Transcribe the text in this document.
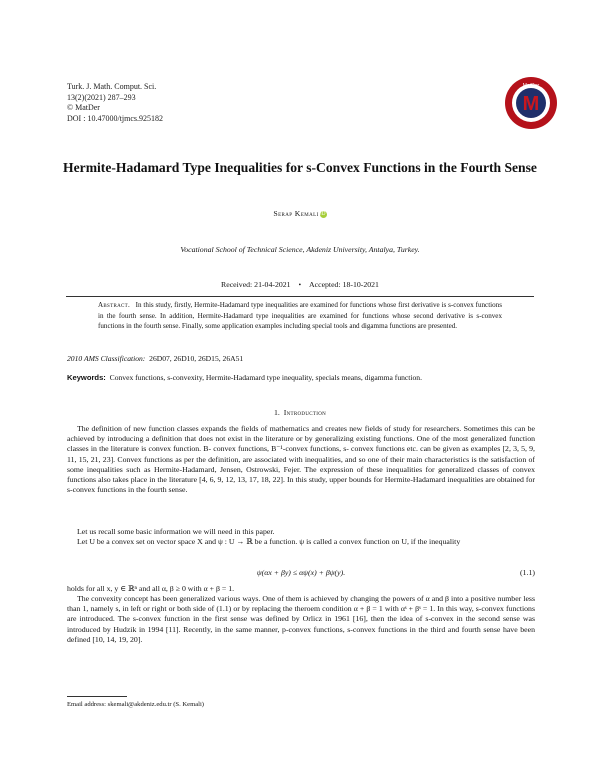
Turk. J. Math. Comput. Sci.
13(2)(2021) 287–293
© MatDer
DOI : 10.47000/tjmcs.925182
M
MatDer
Hermite-Hadamard Type Inequalities for s-Convex Functions in the Fourth Sense
Serap Kemali iD
Vocational School of Technical Science, Akdeniz University, Antalya, Turkey.
Received: 21-04-2021 • Accepted: 18-10-2021
Abstract. In this study, firstly, Hermite-Hadamard type inequalities are examined for functions whose first derivative is s-convex functions in the fourth sense. In addition, Hermite-Hadamard type inequalities are examined for functions whose second derivative is s-convex functions in the fourth sense. Finally, some application examples including special tools and digamma functions are presented.
2010 AMS Classification: 26D07, 26D10, 26D15, 26A51
Keywords: Convex functions, s-convexity, Hermite-Hadamard type inequality, specials means, digamma function.
1. Introduction
The definition of new function classes expands the fields of mathematics and creates new fields of study for researchers. Sometimes this can be achieved by introducing a definition that does not exist in the literature or by generalizing existing functions. One of the most generalized function classes in the literature is convex function. B- convex functions, B⁻¹-convex functions, s- convex functions etc. can be given as examples [2, 3, 5, 9, 11, 15, 21, 23]. Convex functions as per the definition, are associated with inequalities, and so one of their main characteristics is the satisfaction of some inequalities such as Hermite-Hadamard, Jensen, Ostrowski, Fejer. The expression of these inequalities for generalized classes of convex functions also takes place in the literature [4, 6, 9, 12, 13, 17, 18, 22]. In this study, upper bounds for Hermite-Hadamard inequalities are obtained for s-convex functions in the fourth sense.
Let us recall some basic information we will need in this paper.
Let U be a convex set on vector space X and ψ : U → ℝ be a function. ψ is called a convex function on U, if the inequality
ψ(αx + βy) ≤ αψ(x) + βψ(y).	(1.1)
holds for all x, y ∈ ℝⁿ and all α, β ≥ 0 with α + β = 1.
The convexity concept has been generalized various ways. One of them is achieved by changing the powers of α and β into a positive number less than 1, namely s, in left or right or both side of (1.1) or by replacing the theroem condition α + β = 1 with αˢ + βˢ = 1. In this way, s-convex functions are introduced. The s-convex function in the first sense was defined by Orlicz in 1961 [16], then the idea of s-convex in the second sense was introduced by Hudzik in 1994 [11]. Recently, in the same manner, p-convex functions, s-convex functions in the third and fourth sense have been defined [10, 14, 19, 20].
Email address: skemali@akdeniz.edu.tr (S. Kemali)
